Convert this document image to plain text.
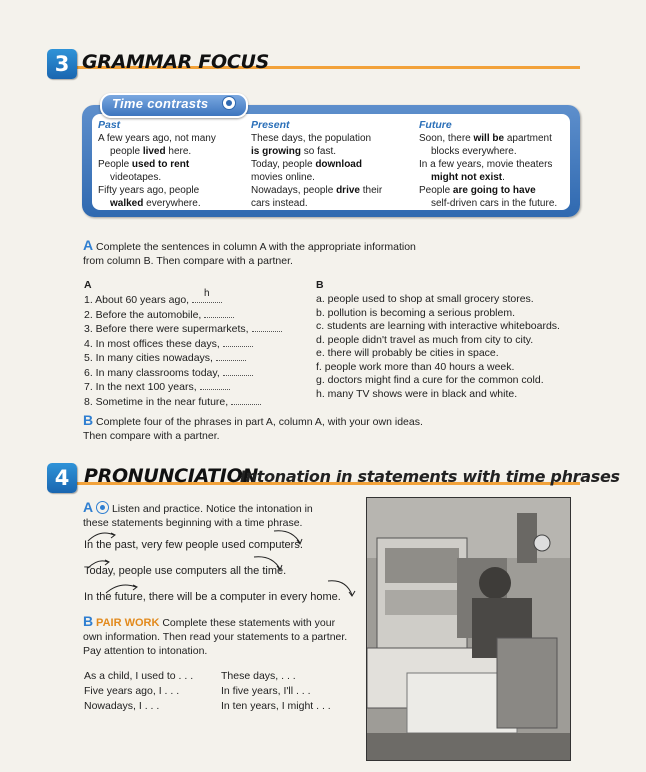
3 GRAMMAR FOCUS
Time contrasts
Past
A few years ago, not many
people lived here.
People used to rent
videotapes.
Fifty years ago, people
walked everywhere.
Present
These days, the population
is growing so fast.
Today, people download
movies online.
Nowadays, people drive their
cars instead.
Future
Soon, there will be apartment
blocks everywhere.
In a few years, movie theaters
might not exist.
People are going to have
self-driven cars in the future.
A Complete the sentences in column A with the appropriate information
from column B. Then compare with a partner.
A	B
1. About 60 years ago,
h
2. Before the automobile,
3. Before there were supermarkets,
4. In most offices these days,
5. In many cities nowadays,
6. In many classrooms today,
7. In the next 100 years,
8. Sometime in the near future,
a. people used to shop at small grocery stores.
b. pollution is becoming a serious problem.
c. students are learning with interactive whiteboards.
d. people didn't travel as much from city to city.
e. there will probably be cities in space.
f. people work more than 40 hours a week.
g. doctors might find a cure for the common cold.
h. many TV shows were in black and white.
B Complete four of the phrases in part A, column A, with your own ideas.
Then compare with a partner.
4 PRONUNCIATION
Intonation in statements with time phrases
A Listen and practice. Notice the intonation in
these statements beginning with a time phrase.
In the past, very few people used computers.
Today, people use computers all the time.
In the future, there will be a computer in every home.
B PAIR WORK Complete these statements with your
own information. Then read your statements to a partner.
Pay attention to intonation.
As a child, I used to . . .
Five years ago, I . . .
Nowadays, I . . .
These days, . . .
In five years, I'll . . .
In ten years, I might . . .
